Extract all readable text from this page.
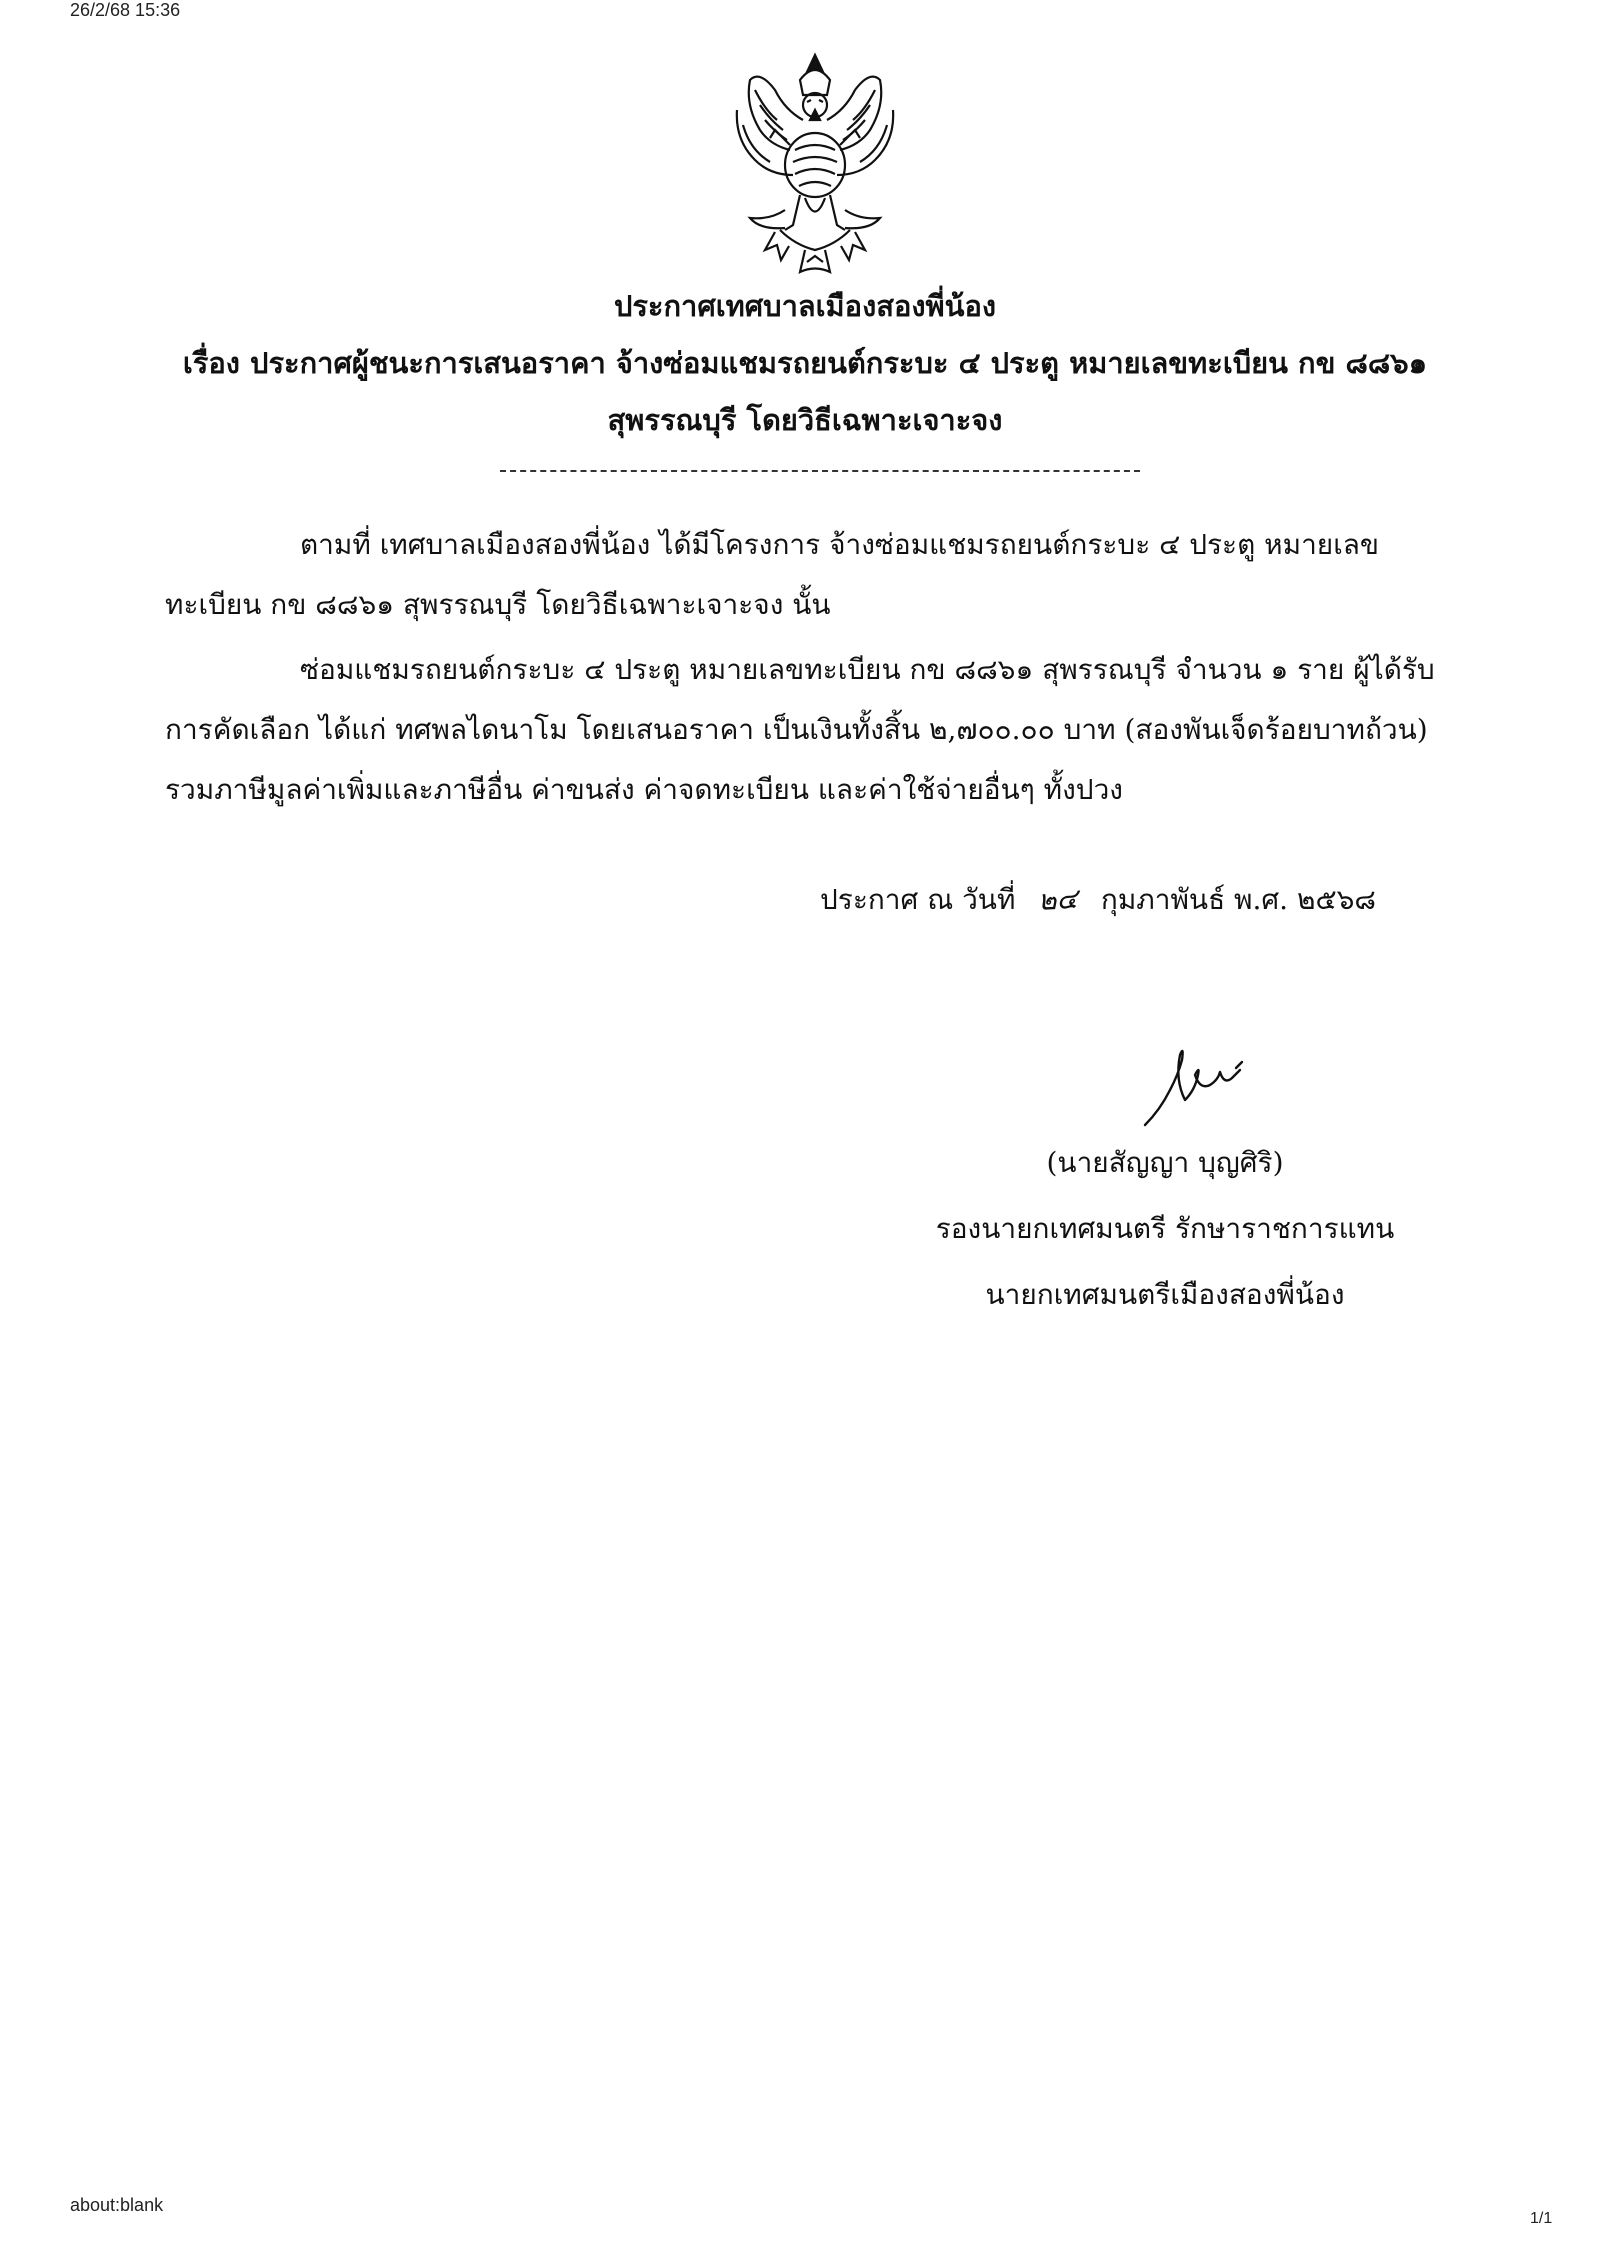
26/2/68 15:36
ประกาศเทศบาลเมืองสองพี่น้อง
เรื่อง ประกาศผู้ชนะการเสนอราคา จ้างซ่อมแชมรถยนต์กระบะ ๔ ประตู หมายเลขทะเบียน กข ๘๘๖๑
สุพรรณบุรี โดยวิธีเฉพาะเจาะจง
ตามที่ เทศบาลเมืองสองพี่น้อง ได้มีโครงการ จ้างซ่อมแชมรถยนต์กระบะ ๔ ประตู หมายเลขทะเบียน กข ๘๘๖๑ สุพรรณบุรี โดยวิธีเฉพาะเจาะจง นั้น
ซ่อมแชมรถยนต์กระบะ ๔ ประตู หมายเลขทะเบียน กข ๘๘๖๑ สุพรรณบุรี จำนวน ๑ ราย ผู้ได้รับการคัดเลือก ได้แก่ ทศพลไดนาโม โดยเสนอราคา เป็นเงินทั้งสิ้น ๒,๗๐๐.๐๐ บาท (สองพันเจ็ดร้อยบาทถ้วน) รวมภาษีมูลค่าเพิ่มและภาษีอื่น ค่าขนส่ง ค่าจดทะเบียน และค่าใช้จ่ายอื่นๆ ทั้งปวง
ประกาศ ณ วันที่ ๒๔ กุมภาพันธ์ พ.ศ. ๒๕๖๘
(นายสัญญา บุญศิริ)
รองนายกเทศมนตรี รักษาราชการแทน
นายกเทศมนตรีเมืองสองพี่น้อง
about:blank
1/1
